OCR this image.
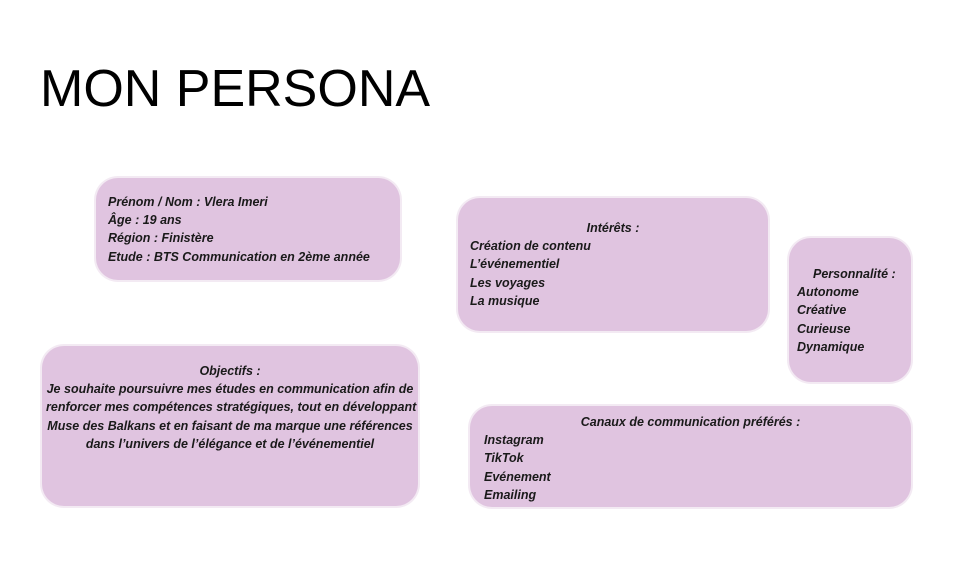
MON PERSONA
Prénom / Nom : Vlera Imeri
Âge : 19 ans
Région : Finistère
Etude : BTS Communication en 2ème année
Intérêts :
Création de contenu
L’événementiel
Les voyages
La musique
Personnalité :
Autonome
Créative
Curieuse
Dynamique
Objectifs :
Je souhaite poursuivre mes études en communication afin de
renforcer mes compétences stratégiques, tout en développant
Muse des Balkans et en faisant de ma marque une références
dans l’univers de l’élégance et de l’événementiel
Canaux de communication préférés :
Instagram
TikTok
Evénement
Emailing
